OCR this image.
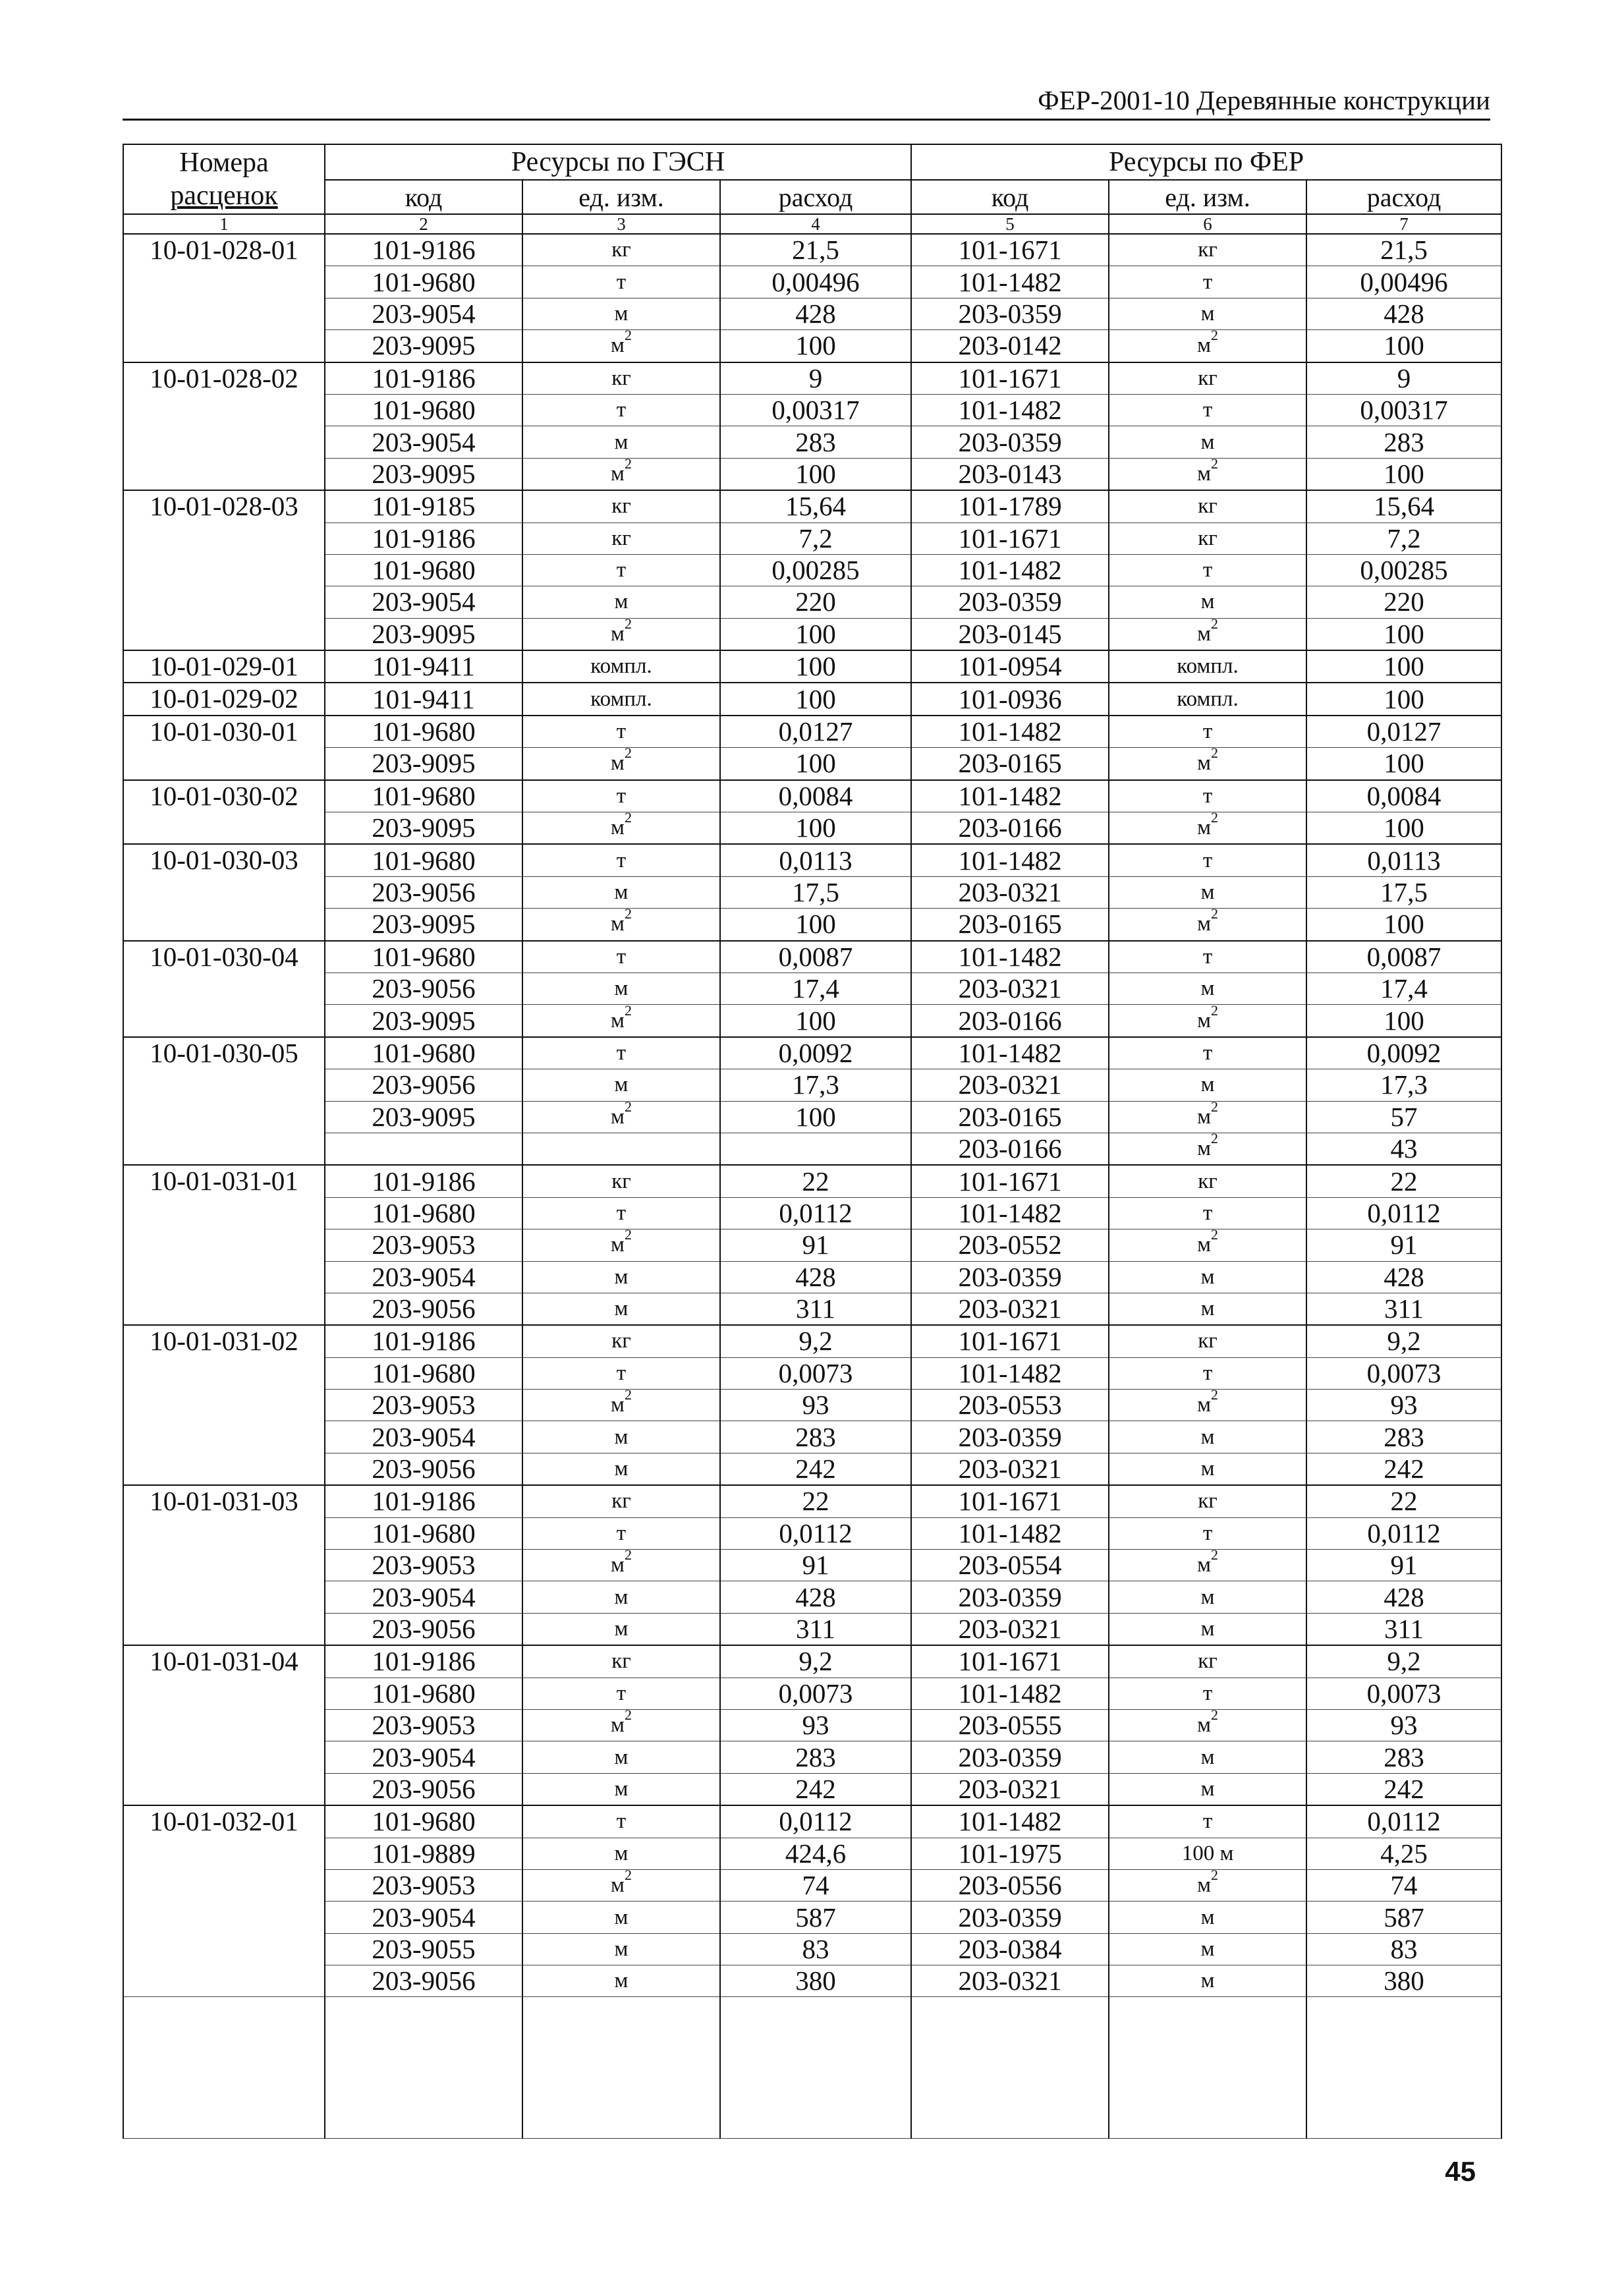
ФЕР-2001-10 Деревянные конструкции
Номера
расценок	Ресурсы по ГЭСН			Ресурсы по ФЕР		
	код	ед. изм.	расход	код	ед. изм.	расход
1	2	3	4	5	6	7
10-01-028-01	101-9186	кг	21,5	101-1671	кг	21,5
	101-9680	т	0,00496	101-1482	т	0,00496
	203-9054	м	428	203-0359	м	428
	203-9095	$м^2$	100	203-0142	$м^2$	100
10-01-028-02	101-9186	кг	9	101-1671	кг	9
	101-9680	т	0,00317	101-1482	т	0,00317
	203-9054	м	283	203-0359	м	283
	203-9095	$м^2$	100	203-0143	$м^2$	100
10-01-028-03	101-9185	кг	15,64	101-1789	кг	15,64
	101-9186	кг	7,2	101-1671	кг	7,2
	101-9680	т	0,00285	101-1482	т	0,00285
	203-9054	м	220	203-0359	м	220
	203-9095	$м^2$	100	203-0145	$м^2$	100
10-01-029-01	101-9411	компл.	100	101-0954	компл.	100
10-01-029-02	101-9411	компл.	100	101-0936	компл.	100
10-01-030-01	101-9680	т	0,0127	101-1482	т	0,0127
	203-9095	$м^2$	100	203-0165	$м^2$	100
10-01-030-02	101-9680	т	0,0084	101-1482	т	0,0084
	203-9095	$м^2$	100	203-0166	$м^2$	100
10-01-030-03	101-9680	т	0,0113	101-1482	т	0,0113
	203-9056	м	17,5	203-0321	м	17,5
	203-9095	$м^2$	100	203-0165	$м^2$	100
10-01-030-04	101-9680	т	0,0087	101-1482	т	0,0087
	203-9056	м	17,4	203-0321	м	17,4
	203-9095	$м^2$	100	203-0166	$м^2$	100
10-01-030-05	101-9680	т	0,0092	101-1482	т	0,0092
	203-9056	м	17,3	203-0321	м	17,3
	203-9095	$м^2$	100	203-0165	$м^2$	57
				203-0166	$м^2$	43
10-01-031-01	101-9186	кг	22	101-1671	кг	22
	101-9680	т	0,0112	101-1482	т	0,0112
	203-9053	$м^2$	91	203-0552	$м^2$	91
	203-9054	м	428	203-0359	м	428
	203-9056	м	311	203-0321	м	311
10-01-031-02	101-9186	кг	9,2	101-1671	кг	9,2
	101-9680	т	0,0073	101-1482	т	0,0073
	203-9053	$м^2$	93	203-0553	$м^2$	93
	203-9054	м	283	203-0359	м	283
	203-9056	м	242	203-0321	м	242
10-01-031-03	101-9186	кг	22	101-1671	кг	22
	101-9680	т	0,0112	101-1482	т	0,0112
	203-9053	$м^2$	91	203-0554	$м^2$	91
	203-9054	м	428	203-0359	м	428
	203-9056	м	311	203-0321	м	311
10-01-031-04	101-9186	кг	9,2	101-1671	кг	9,2
	101-9680	т	0,0073	101-1482	т	0,0073
	203-9053	$м^2$	93	203-0555	$м^2$	93
	203-9054	м	283	203-0359	м	283
	203-9056	м	242	203-0321	м	242
10-01-032-01	101-9680	т	0,0112	101-1482	т	0,0112
	101-9889	м	424,6	101-1975	100 м	4,25
	203-9053	$м^2$	74	203-0556	$м^2$	74
	203-9054	м	587	203-0359	м	587
	203-9055	м	83	203-0384	м	83
	203-9056	м	380	203-0321	м	380

45
